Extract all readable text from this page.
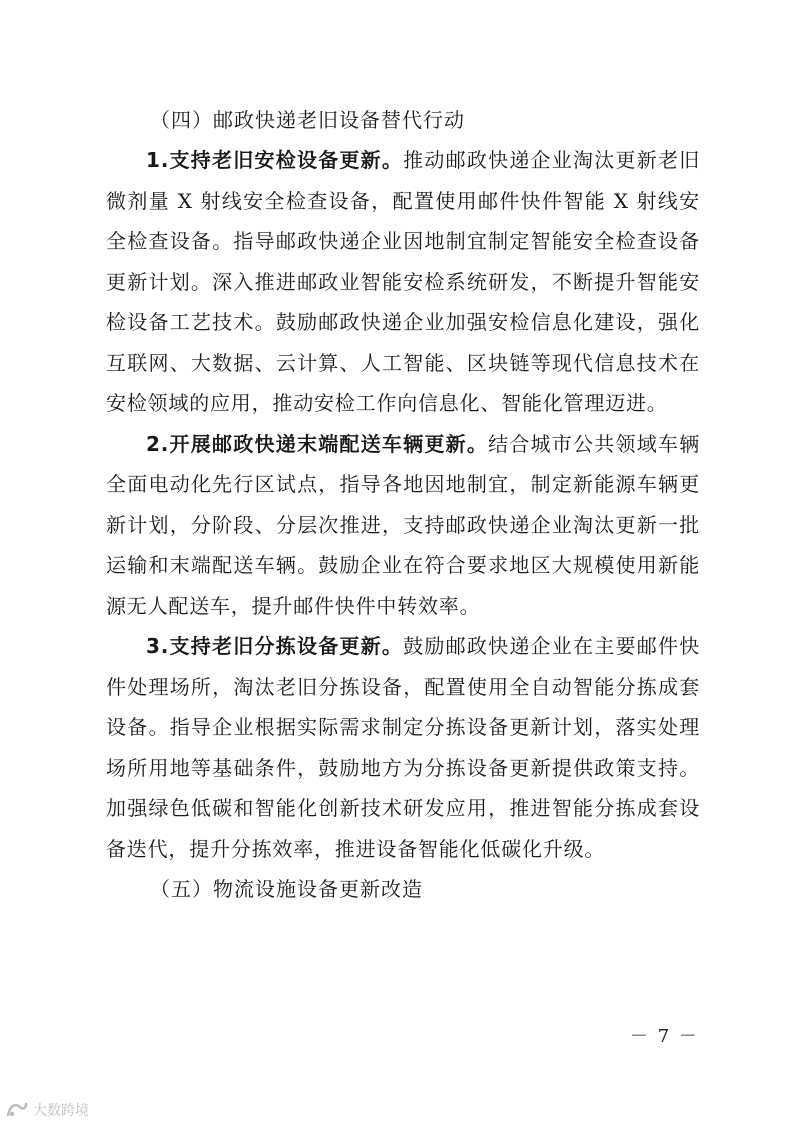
（四）邮政快递老旧设备替代行动

1.支持老旧安检设备更新。推动邮政快递企业淘汰更新老旧微剂量 X 射线安全检查设备，配置使用邮件快件智能 X 射线安全检查设备。指导邮政快递企业因地制宜制定智能安全检查设备更新计划。深入推进邮政业智能安检系统研发，不断提升智能安检设备工艺技术。鼓励邮政快递企业加强安检信息化建设，强化互联网、大数据、云计算、人工智能、区块链等现代信息技术在安检领域的应用，推动安检工作向信息化、智能化管理迈进。

2.开展邮政快递末端配送车辆更新。结合城市公共领域车辆全面电动化先行区试点，指导各地因地制宜，制定新能源车辆更新计划，分阶段、分层次推进，支持邮政快递企业淘汰更新一批运输和末端配送车辆。鼓励企业在符合要求地区大规模使用新能源无人配送车，提升邮件快件中转效率。

3.支持老旧分拣设备更新。鼓励邮政快递企业在主要邮件快件处理场所，淘汰老旧分拣设备，配置使用全自动智能分拣成套设备。指导企业根据实际需求制定分拣设备更新计划，落实处理场所用地等基础条件，鼓励地方为分拣设备更新提供政策支持。加强绿色低碳和智能化创新技术研发应用，推进智能分拣成套设备迭代，提升分拣效率，推进设备智能化低碳化升级。

（五）物流设施设备更新改造
－ 7 －
大数跨境
